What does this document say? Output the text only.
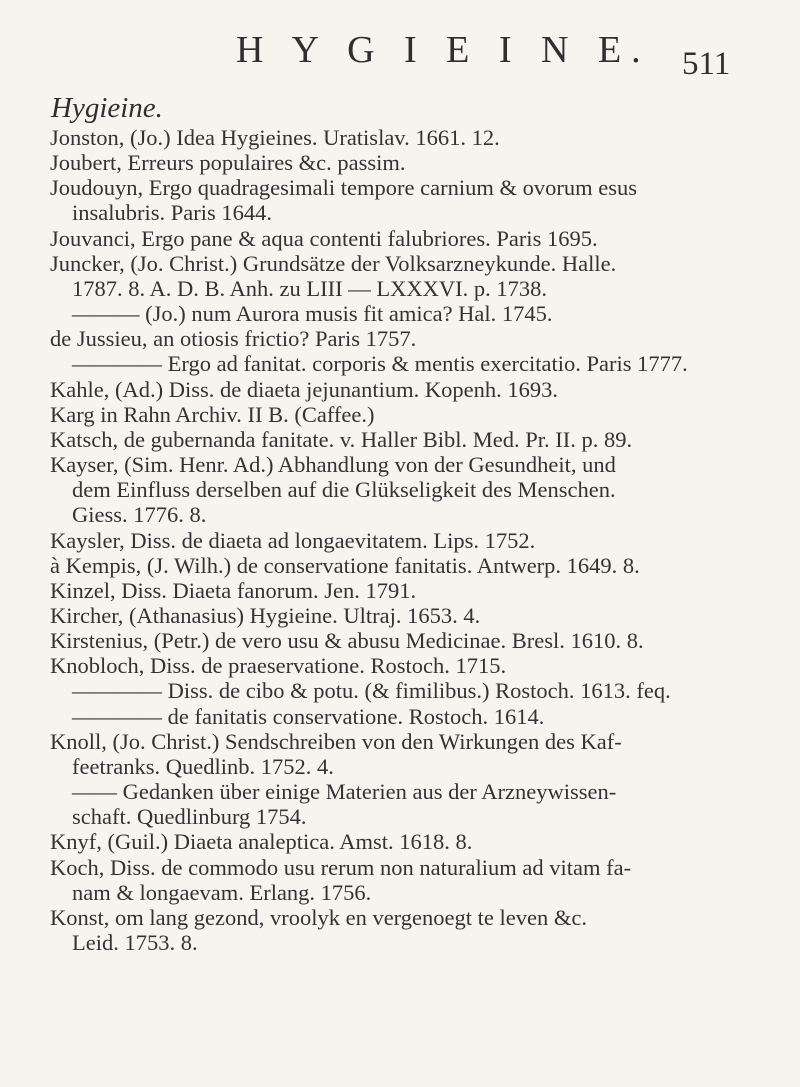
H Y G I E I N E. 511
Hygieine.
Jonston, (Jo.) Idea Hygieines. Uratislav. 1661. 12.
Joubert, Erreurs populaires &c. passim.
Joudouyn, Ergo quadragesimali tempore carnium & ovorum esus
insalubris. Paris 1644.
Jouvanci, Ergo pane & aqua contenti falubriores. Paris 1695.
Juncker, (Jo. Christ.) Grundsätze der Volksarzneykunde. Halle.
1787. 8. A. D. B. Anh. zu LIII — LXXXVI. p. 1738.
——— (Jo.) num Aurora musis fit amica? Hal. 1745.
de Jussieu, an otiosis frictio? Paris 1757.
———— Ergo ad fanitat. corporis & mentis exercitatio. Paris 1777.
Kahle, (Ad.) Diss. de diaeta jejunantium. Kopenh. 1693.
Karg in Rahn Archiv. II B. (Caffee.)
Katsch, de gubernanda fanitate. v. Haller Bibl. Med. Pr. II. p. 89.
Kayser, (Sim. Henr. Ad.) Abhandlung von der Gesundheit, und
dem Einfluss derselben auf die Glükseligkeit des Menschen.
Giess. 1776. 8.
Kaysler, Diss. de diaeta ad longaevitatem. Lips. 1752.
à Kempis, (J. Wilh.) de conservatione fanitatis. Antwerp. 1649. 8.
Kinzel, Diss. Diaeta fanorum. Jen. 1791.
Kircher, (Athanasius) Hygieine. Ultraj. 1653. 4.
Kirstenius, (Petr.) de vero usu & abusu Medicinae. Bresl. 1610. 8.
Knobloch, Diss. de praeservatione. Rostoch. 1715.
———— Diss. de cibo & potu. (& fimilibus.) Rostoch. 1613. feq.
———— de fanitatis conservatione. Rostoch. 1614.
Knoll, (Jo. Christ.) Sendschreiben von den Wirkungen des Kaf-
feetranks. Quedlinb. 1752. 4.
—— Gedanken über einige Materien aus der Arzneywissen-
schaft. Quedlinburg 1754.
Knyf, (Guil.) Diaeta analeptica. Amst. 1618. 8.
Koch, Diss. de commodo usu rerum non naturalium ad vitam fa-
nam & longaevam. Erlang. 1756.
Konst, om lang gezond, vroolyk en vergenoegt te leven &c.
Leid. 1753. 8.
